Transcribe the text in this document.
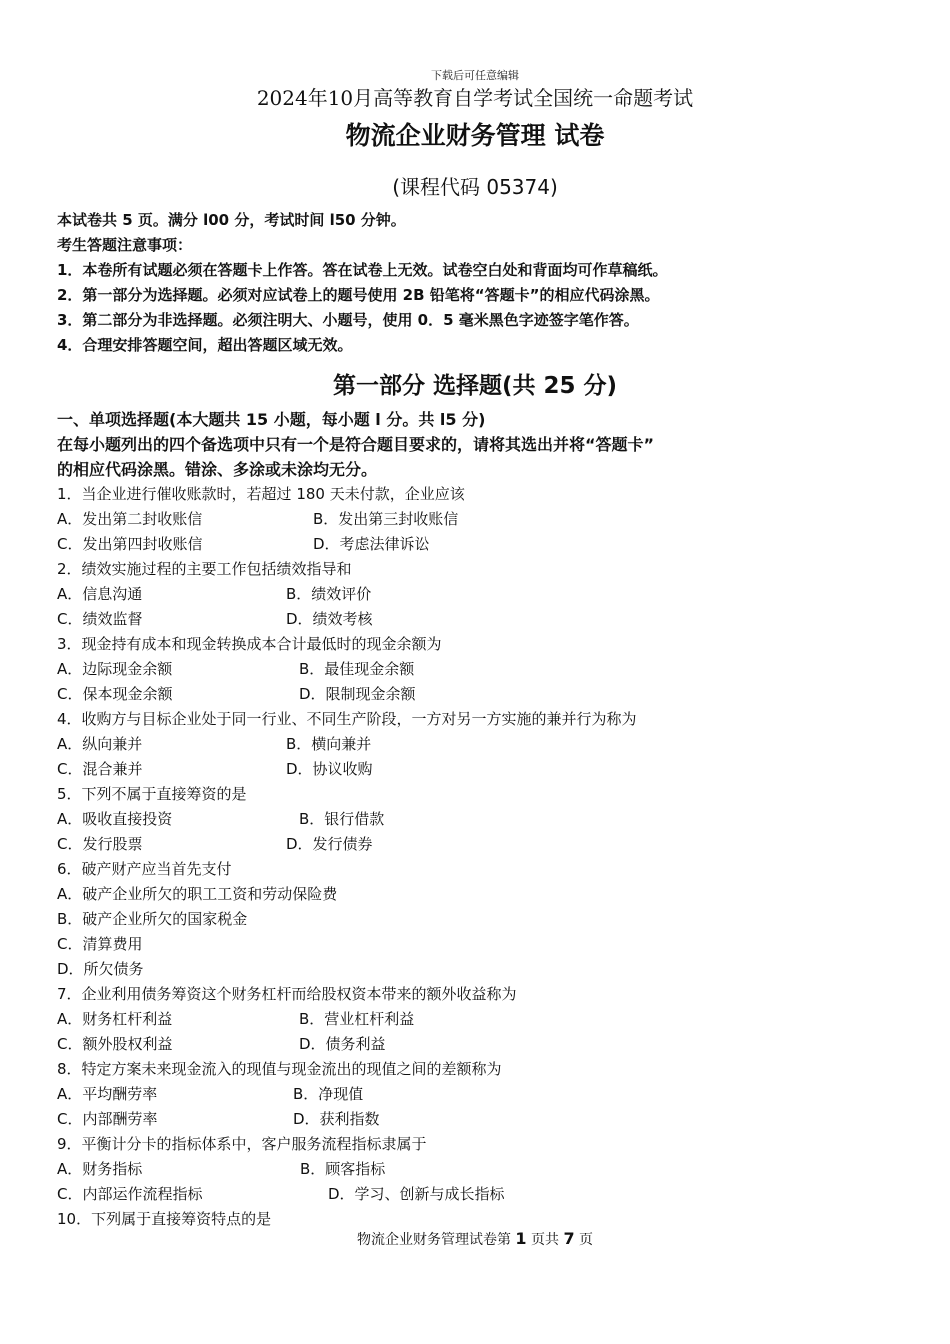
下载后可任意编辑
2024年10月高等教育自学考试全国统一命题考试
物流企业财务管理 试卷
(课程代码 05374)
本试卷共 5 页。满分 l00 分，考试时间 l50 分钟。
考生答题注意事项：
1．本卷所有试题必须在答题卡上作答。答在试卷上无效。试卷空白处和背面均可作草稿纸。
2．第一部分为选择题。必须对应试卷上的题号使用 2B 铅笔将“答题卡”的相应代码涂黑。
3．第二部分为非选择题。必须注明大、小题号，使用 0．5 毫米黑色字迹签字笔作答。
4．合理安排答题空间，超出答题区域无效。
第一部分 选择题(共 25 分)
一、单项选择题(本大题共 15 小题，每小题 l 分。共 l5 分)
在每小题列出的四个备选项中只有一个是符合题目要求的，请将其选出并将“答题卡”
的相应代码涂黑。错涂、多涂或未涂均无分。
1．当企业进行催收账款时，若超过 180 天未付款，企业应该
A．发出第二封收账信	B．发出第三封收账信
C．发出第四封收账信	D．考虑法律诉讼
2．绩效实施过程的主要工作包括绩效指导和
A．信息沟通	B．绩效评价
C．绩效监督	D．绩效考核
3．现金持有成本和现金转换成本合计最低时的现金余额为
A．边际现金余额	B．最佳现金余额
C．保本现金余额	D．限制现金余额
4．收购方与目标企业处于同一行业、不同生产阶段，一方对另一方实施的兼并行为称为
A．纵向兼并	B．横向兼并
C．混合兼并	D．协议收购
5．下列不属于直接筹资的是
A．吸收直接投资	B．银行借款
C．发行股票	D．发行债券
6．破产财产应当首先支付
A．破产企业所欠的职工工资和劳动保险费
B．破产企业所欠的国家税金
C．清算费用
D．所欠债务
7．企业利用债务筹资这个财务杠杆而给股权资本带来的额外收益称为
A．财务杠杆利益	B．营业杠杆利益
C．额外股权利益	D．债务利益
8．特定方案未来现金流入的现值与现金流出的现值之间的差额称为
A．平均酬劳率	B．净现值
C．内部酬劳率	D．获利指数
9．平衡计分卡的指标体系中，客户服务流程指标隶属于
A．财务指标	B．顾客指标
C．内部运作流程指标	D．学习、创新与成长指标
10．下列属于直接筹资特点的是
物流企业财务管理试卷第 1 页共 7 页
